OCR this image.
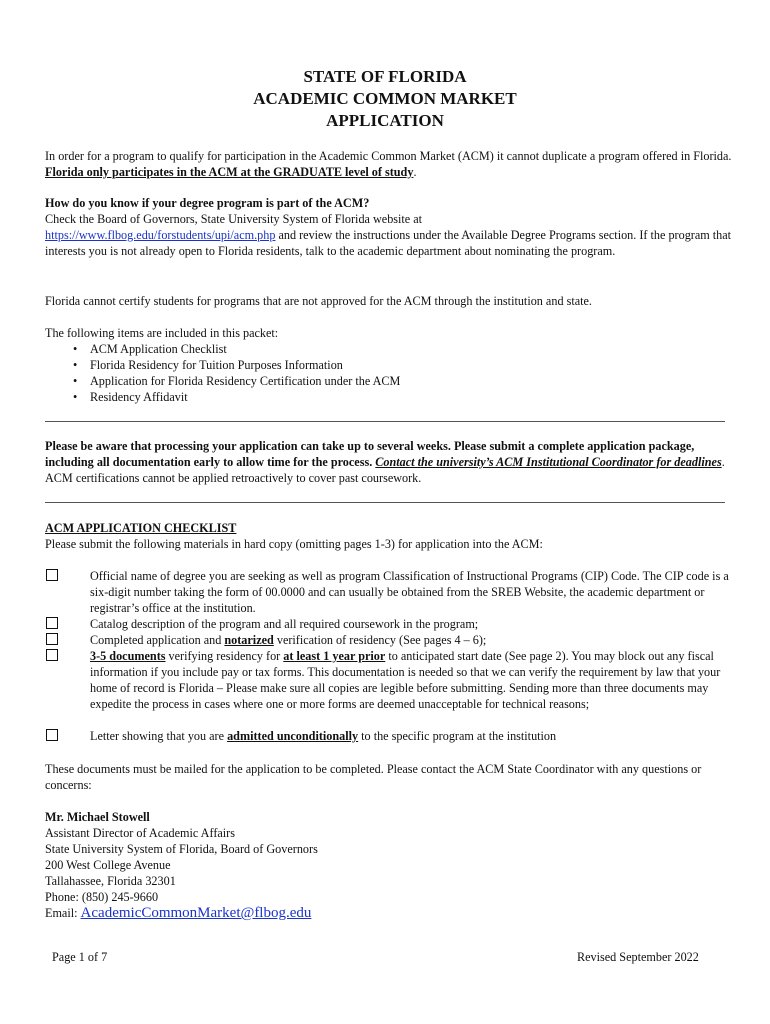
STATE OF FLORIDA
ACADEMIC COMMON MARKET
APPLICATION
In order for a program to qualify for participation in the Academic Common Market (ACM) it cannot duplicate a program offered in Florida. Florida only participates in the ACM at the GRADUATE level of study.
How do you know if your degree program is part of the ACM?
Check the Board of Governors, State University System of Florida website at
https://www.flbog.edu/forstudents/upi/acm.php and review the instructions under the Available Degree Programs section. If the program that interests you is not already open to Florida residents, talk to the academic department about nominating the program.
Florida cannot certify students for programs that are not approved for the ACM through the institution and state.
The following items are included in this packet:
• ACM Application Checklist
• Florida Residency for Tuition Purposes Information
• Application for Florida Residency Certification under the ACM
• Residency Affidavit
Please be aware that processing your application can take up to several weeks. Please submit a complete application package, including all documentation early to allow time for the process. Contact the university’s ACM Institutional Coordinator for deadlines. ACM certifications cannot be applied retroactively to cover past coursework.
ACM APPLICATION CHECKLIST
Please submit the following materials in hard copy (omitting pages 1-3) for application into the ACM:
Official name of degree you are seeking as well as program Classification of Instructional Programs (CIP) Code. The CIP code is a six-digit number taking the form of 00.0000 and can usually be obtained from the SREB Website, the academic department or registrar’s office at the institution.
Catalog description of the program and all required coursework in the program;
Completed application and notarized verification of residency (See pages 4 – 6);
3-5 documents verifying residency for at least 1 year prior to anticipated start date (See page 2). You may block out any fiscal information if you include pay or tax forms. This documentation is needed so that we can verify the requirement by law that your home of record is Florida – Please make sure all copies are legible before submitting. Sending more than three documents may expedite the process in cases where one or more forms are deemed unacceptable for technical reasons;
Letter showing that you are admitted unconditionally to the specific program at the institution
These documents must be mailed for the application to be completed. Please contact the ACM State Coordinator with any questions or concerns:
Mr. Michael Stowell
Assistant Director of Academic Affairs
State University System of Florida, Board of Governors
200 West College Avenue
Tallahassee, Florida 32301
Phone: (850) 245-9660
Email: AcademicCommonMarket@flbog.edu
Page 1 of 7	Revised September 2022
